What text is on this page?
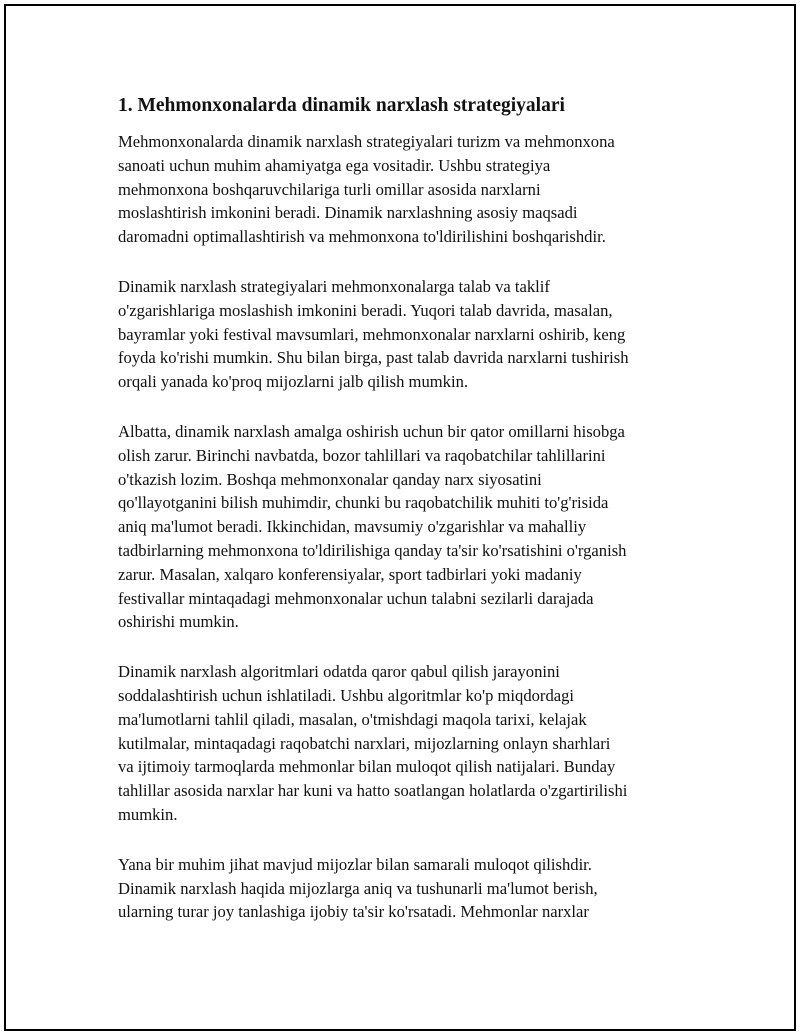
1. Mehmonxonalarda dinamik narxlash strategiyalari
Mehmonxonalarda dinamik narxlash strategiyalari turizm va mehmonxona
sanoati uchun muhim ahamiyatga ega vositadir. Ushbu strategiya
mehmonxona boshqaruvchilariga turli omillar asosida narxlarni
moslashtirish imkonini beradi. Dinamik narxlashning asosiy maqsadi
daromadni optimallashtirish va mehmonxona to'ldirilishini boshqarishdir.
Dinamik narxlash strategiyalari mehmonxonalarga talab va taklif
o'zgarishlariga moslashish imkonini beradi. Yuqori talab davrida, masalan,
bayramlar yoki festival mavsumlari, mehmonxonalar narxlarni oshirib, keng
foyda ko'rishi mumkin. Shu bilan birga, past talab davrida narxlarni tushirish
orqali yanada ko'proq mijozlarni jalb qilish mumkin.
Albatta, dinamik narxlash amalga oshirish uchun bir qator omillarni hisobga
olish zarur. Birinchi navbatda, bozor tahlillari va raqobatchilar tahlillarini
o'tkazish lozim. Boshqa mehmonxonalar qanday narx siyosatini
qo'llayotganini bilish muhimdir, chunki bu raqobatchilik muhiti to'g'risida
aniq ma'lumot beradi. Ikkinchidan, mavsumiy o'zgarishlar va mahalliy
tadbirlarning mehmonxona to'ldirilishiga qanday ta'sir ko'rsatishini o'rganish
zarur. Masalan, xalqaro konferensiyalar, sport tadbirlari yoki madaniy
festivallar mintaqadagi mehmonxonalar uchun talabni sezilarli darajada
oshirishi mumkin.
Dinamik narxlash algoritmlari odatda qaror qabul qilish jarayonini
soddalashtirish uchun ishlatiladi. Ushbu algoritmlar ko'p miqdordagi
ma'lumotlarni tahlil qiladi, masalan, o'tmishdagi maqola tarixi, kelajak
kutilmalar, mintaqadagi raqobatchi narxlari, mijozlarning onlayn sharhlari
va ijtimoiy tarmoqlarda mehmonlar bilan muloqot qilish natijalari. Bunday
tahlillar asosida narxlar har kuni va hatto soatlangan holatlarda o'zgartirilishi
mumkin.
Yana bir muhim jihat mavjud mijozlar bilan samarali muloqot qilishdir.
Dinamik narxlash haqida mijozlarga aniq va tushunarli ma'lumot berish,
ularning turar joy tanlashiga ijobiy ta'sir ko'rsatadi. Mehmonlar narxlar
